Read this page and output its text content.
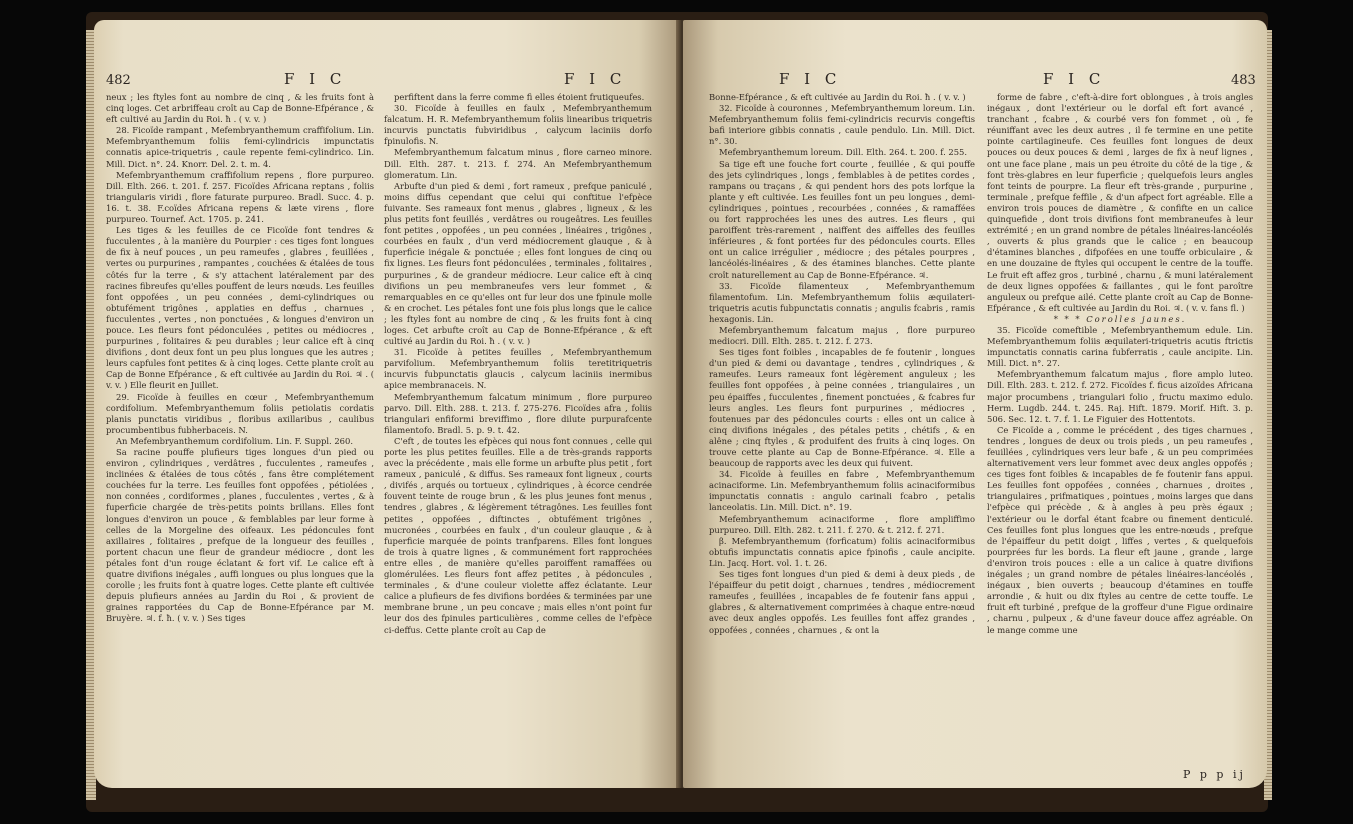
482	F I C	F I C

neux ; les ftyles font au nombre de cinq , & les fruits font à cinq loges. Cet arbriffeau croît au Cap de Bonne-Efpérance , & eft cultivé au Jardin du Roi. ħ . ( v. v. )

28. Ficoïde rampant , Mefembryanthemum craffifolium. Lin. Mefembryanthemum foliis femi-cylindricis impunctatis connatis apice-triquetris , caule repente femi-cylindrico. Lin. Mill. Dict. n°. 24. Knorr. Del. 2. t. m. 4.

Mefembryanthemum craffifolium repens , flore purpureo. Dill. Elth. 266. t. 201. f. 257. Ficoïdes Africana reptans , foliis triangularis viridi , flore faturate purpureo. Bradl. Succ. 4. p. 16. t. 38. F.coïdes Africana repens & læte virens , flore purpureo. Tournef. Act. 1705. p. 241.

Les tiges & les feuilles de ce Ficoïde font tendres & fucculentes , à la manière du Pourpier : ces tiges font longues de fix à neuf pouces , un peu rameufes , glabres , feuillées , vertes ou purpurines , rampantes , couchées & étalées de tous côtés fur la terre , & s'y attachent latéralement par des racines fibreufes qu'elles pouffent de leurs nœuds. Les feuilles font oppofées , un peu connées , demi-cylindriques ou obtufément trigônes , applaties en deffus , charnues , fucculentes , vertes , non ponctuées , & longues d'environ un pouce. Les fleurs font pédonculées , petites ou médiocres , purpurines , folitaires & peu durables ; leur calice eft à cinq divifions , dont deux font un peu plus longues que les autres ; leurs capfules font petites & à cinq loges. Cette plante croît au Cap de Bonne Efpérance , & eft cultivée au Jardin du Roi. ♃ . ( v. v. ) Elle fleurit en Juillet.

29. Ficoïde à feuilles en cœur , Mefembryanthemum cordifolium. Mefembryanthemum foliis petiolatis cordatis planis punctatis viridibus , floribus axillaribus , caulibus procumbentibus fubherbaceis. N.

An Mefembryanthemum cordifolium. Lin. F. Suppl. 260.

Sa racine pouffe plufieurs tiges longues d'un pied ou environ , cylindriques , verdâtres , fucculentes , rameufes , inclinées & étalées de tous côtés , fans être complétement couchées fur la terre. Les feuilles font oppofées , pétiolées , non connées , cordiformes , planes , fucculentes , vertes , & à fuperficie chargée de très-petits points brillans. Elles font longues d'environ un pouce , & femblables par leur forme à celles de la Morgeline des oifeaux. Les pédoncules font axillaires , folitaires , prefque de la longueur des feuilles , portent chacun une fleur de grandeur médiocre , dont les pétales font d'un rouge éclatant & fort vif. Le calice eft à quatre divifions inégales , auffi longues ou plus longues que la corolle ; les fruits font à quatre loges. Cette plante eft cultivée depuis plufieurs années au Jardin du Roi , & provient de graines rapportées du Cap de Bonne-Efpérance par M. Bruyère. ♃. f. ħ. ( v. v. ) Ses tiges

perfiftent dans la ferre comme fi elles étoient frutiqueufes.

30. Ficoïde à feuilles en faulx , Mefembryanthemum falcatum. H. R. Mefembryanthemum foliis linearibus triquetris incurvis punctatis fubviridibus , calycum laciniis dorfo fpinulofis. N.

Mefembryanthemum falcatum minus , flore carneo minore. Dill. Elth. 287. t. 213. f. 274. An Mefembryanthemum glomeratum. Lin.

Arbufte d'un pied & demi , fort rameux , prefque paniculé , moins diffus cependant que celui qui conftitue l'efpèce fuivante. Ses rameaux font menus , glabres , ligneux , & les plus petits font feuillés , verdâtres ou rougeâtres. Les feuilles font petites , oppofées , un peu connées , linéaires , trigônes , courbées en faulx , d'un verd médiocrement glauque , & à fuperficie inégale & ponctuée ; elles font longues de cinq ou fix lignes. Les fleurs font pédonculées , terminales , folitaires , purpurines , & de grandeur médiocre. Leur calice eft à cinq divifions un peu membraneufes vers leur fommet , & remarquables en ce qu'elles ont fur leur dos une fpinule molle & en crochet. Les pétales font une fois plus longs que le calice ; les ftyles font au nombre de cinq , & les fruits font à cinq loges. Cet arbufte croît au Cap de Bonne-Efpérance , & eft cultivé au Jardin du Roi. ħ . ( v. v. )

31. Ficoïde à petites feuilles , Mefembryanthemum parvifolium. Mefembryanthemum foliis teretitriquetris incurvis fubpunctatis glaucis , calycum laciniis inermibus apice membranaceis. N.

Mefembryanthemum falcatum minimum , flore purpureo parvo. Dill. Elth. 288. t. 213. f. 275-276. Ficoïdes afra , foliis triangulari enfiformi breviffimo , flore dilute purpurafcente filamentofo. Bradl. 5. p. 9. t. 42.

C'eft , de toutes les efpèces qui nous font connues , celle qui porte les plus petites feuilles. Elle a de très-grands rapports avec la précédente , mais elle forme un arbufte plus petit , fort rameux , paniculé , & diffus. Ses rameaux font ligneux , courts , divifés , arqués ou tortueux , cylindriques , à écorce cendrée fouvent teinte de rouge brun , & les plus jeunes font menus , tendres , glabres , & légèrement tétragônes. Les feuilles font petites , oppofées , diftinctes , obtufément trigônes , mucronées , courbées en faulx , d'un couleur glauque , & à fuperficie marquée de points tranfparens. Elles font longues de trois à quatre lignes , & communément fort rapprochées entre elles , de manière qu'elles paroiffent ramaffées ou glomérulées. Les fleurs font affez petites , à pédoncules , terminales , & d'une couleur violette affez éclatante. Leur calice a plufieurs de fes divifions bordées & terminées par une membrane brune , un peu concave ; mais elles n'ont point fur leur dos des fpinules particulières , comme celles de l'efpèce ci-deffus. Cette plante croît au Cap de

F I C	F I C	483

Bonne-Efpérance , & eft cultivée au Jardin du Roi. ħ . ( v. v. )

32. Ficoïde à couronnes , Mefembryanthemum loreum. Lin. Mefembryanthemum foliis femi-cylindricis recurvis congeftis bafi interiore gibbis connatis , caule pendulo. Lin. Mill. Dict. n°. 30.

Mefembryanthemum loreum. Dill. Elth. 264. t. 200. f. 255.

Sa tige eft une fouche fort courte , feuillée , & qui pouffe des jets cylindriques , longs , femblables à de petites cordes , rampans ou traçans , & qui pendent hors des pots lorfque la plante y eft cultivée. Les feuilles font un peu longues , demi-cylindriques , pointues , recourbées , connées , & ramaffées ou fort rapprochées les unes des autres. Les fleurs , qui paroiffent très-rarement , naiffent des aiffelles des feuilles inférieures , & font portées fur des pédoncules courts. Elles ont un calice irrégulier , médiocre ; des pétales pourpres , lancéolés-linéaires , & des étamines blanches. Cette plante croît naturellement au Cap de Bonne-Efpérance. ♃.

33. Ficoïde filamenteux , Mefembryanthemum filamentofum. Lin. Mefembryanthemum foliis æquilateri-triquetris acutis fubpunctatis connatis ; angulis fcabris , ramis hexagonis. Lin.

Mefembryanthemum falcatum majus , flore purpureo mediocri. Dill. Elth. 285. t. 212. f. 273.

Ses tiges font foibles , incapables de fe foutenir , longues d'un pied & demi ou davantage , tendres , cylindriques , & rameufes. Leurs rameaux font légèrement anguleux ; les feuilles font oppofées , à peine connées , triangulaires , un peu épaiffes , fucculentes , finement ponctuées , & fcabres fur leurs angles. Les fleurs font purpurines , médiocres , foutenues par des pédoncules courts : elles ont un calice à cinq divifions inégales , des pétales petits , chétifs , & en alêne ; cinq ftyles , & produifent des fruits à cinq loges. On trouve cette plante au Cap de Bonne-Efpérance. ♃. Elle a beaucoup de rapports avec les deux qui fuivent.

34. Ficoïde à feuilles en fabre , Mefembryanthemum acinaciforme. Lin. Mefembryanthemum foliis acinaciformibus impunctatis connatis : angulo carinali fcabro , petalis lanceolatis. Lin. Mill. Dict. n°. 19.

Mefembryanthemum acinaciforme , flore ampliffimo purpureo. Dill. Elth. 282. t. 211. f. 270. & t. 212. f. 271.

β. Mefembryanthemum (forficatum) foliis acinaciformibus obtufis impunctatis connatis apice fpinofis , caule ancipite. Lin. Jacq. Hort. vol. 1. t. 26.

Ses tiges font longues d'un pied & demi à deux pieds , de l'épaiffeur du petit doigt , charnues , tendres , médiocrement rameufes , feuillées , incapables de fe foutenir fans appui , glabres , & alternativement comprimées à chaque entre-nœud avec deux angles oppofés. Les feuilles font affez grandes , oppofées , connées , charnues , & ont la

forme de fabre , c'eft-à-dire fort oblongues , à trois angles inégaux , dont l'extérieur ou le dorfal eft fort avancé , tranchant , fcabre , & courbé vers fon fommet , où , fe réuniffant avec les deux autres , il fe termine en une petite pointe cartilagineufe. Ces feuilles font longues de deux pouces ou deux pouces & demi , larges de fix à neuf lignes , ont une face plane , mais un peu étroite du côté de la tige , & font très-glabres en leur fuperficie ; quelquefois leurs angles font teints de pourpre. La fleur eft très-grande , purpurine , terminale , prefque feffile , & d'un afpect fort agréable. Elle a environ trois pouces de diamètre , & confifte en un calice quinquefide , dont trois divifions font membraneufes à leur extrémité ; en un grand nombre de pétales linéaires-lancéolés , ouverts & plus grands que le calice ; en beaucoup d'étamines blanches , difpofées en une touffe orbiculaire , & en une douzaine de ftyles qui occupent le centre de la touffe. Le fruit eft affez gros , turbiné , charnu , & muni latéralement de deux lignes oppofées & faillantes , qui le font paroître anguleux ou prefque ailé. Cette plante croît au Cap de Bonne-Efpérance , & eft cultivée au Jardin du Roi. ♃. ( v. v. fans fl. )

* * * Corolles jaunes.

35. Ficoïde comeftible , Mefembryanthemum edule. Lin. Mefembryanthemum foliis æquilateri-triquetris acutis ftrictis impunctatis connatis carina fubferratis , caule ancipite. Lin. Mill. Dict. n°. 27.

Mefembryanthemum falcatum majus , flore amplo luteo. Dill. Elth. 283. t. 212. f. 272. Ficoïdes f. ficus aizoïdes Africana major procumbens , triangulari folio , fructu maximo edulo. Herm. Lugdb. 244. t. 245. Raj. Hift. 1879. Morif. Hift. 3. p. 506. Sec. 12. t. 7. f. 1. Le Figuier des Hottentots.

Ce Ficoïde a , comme le précédent , des tiges charnues , tendres , longues de deux ou trois pieds , un peu rameufes , feuillées , cylindriques vers leur bafe , & un peu comprimées alternativement vers leur fommet avec deux angles oppofés ; ces tiges font foibles & incapables de fe foutenir fans appui. Les feuilles font oppofées , connées , charnues , droites , triangulaires , prifmatiques , pointues , moins larges que dans l'efpèce qui précède , & à angles à peu près égaux ; l'extérieur ou le dorfal étant fcabre ou finement denticulé. Ces feuilles font plus longues que les entre-nœuds , prefque de l'épaiffeur du petit doigt , liffes , vertes , & quelquefois pourprées fur les bords. La fleur eft jaune , grande , large d'environ trois pouces : elle a un calice à quatre divifions inégales ; un grand nombre de pétales linéaires-lancéolés , inégaux , bien ouverts ; beaucoup d'étamines en touffe arrondie , & huit ou dix ftyles au centre de cette touffe. Le fruit eft turbiné , prefque de la groffeur d'une Figue ordinaire , charnu , pulpeux , & d'une faveur douce affez agréable. On le mange comme une

P p p ij
